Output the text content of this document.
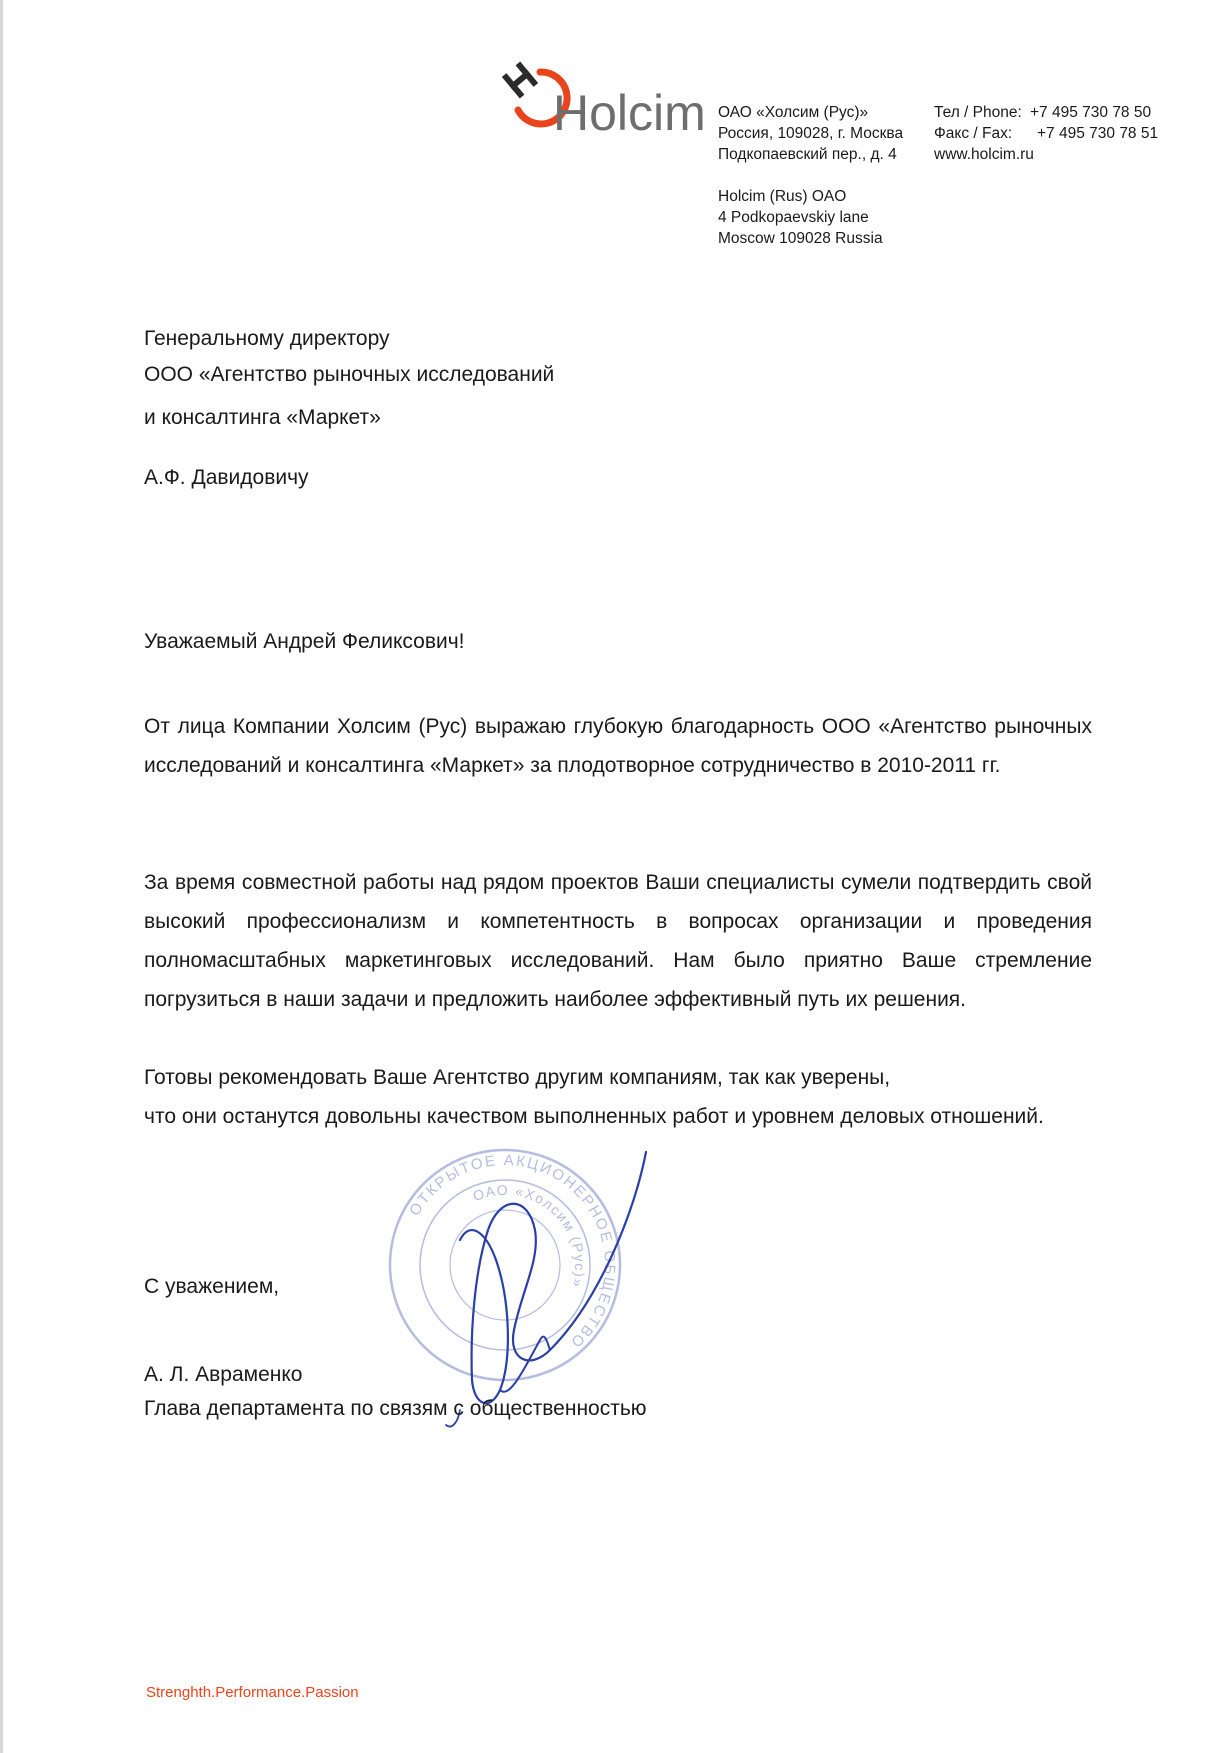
Holcim ОАО «Холсим (Рус)»
Россия, 109028, г. Москва
Подкопаевский пер., д. 4
Holcim (Rus) OAO
4 Podkopaevskiy lane
Moscow 109028 Russia
Тел / Phone: +7 495 730 78 50
Факс / Fax: +7 495 730 78 51
www.holcim.ru
Генеральному директору
ООО «Агентство рыночных исследований
и консалтинга «Маркет»
А.Ф. Давидовичу
Уважаемый Андрей Феликсович!
От лица Компании Холсим (Рус) выражаю глубокую благодарность ООО «Агентство рыночных исследований и консалтинга «Маркет» за плодотворное сотрудничество в 2010-2011 гг.
За время совместной работы над рядом проектов Ваши специалисты сумели подтвердить свой высокий профессионализм и компетентность в вопросах организации и проведения полномасштабных маркетинговых исследований. Нам было приятно Ваше стремление погрузиться в наши задачи и предложить наиболее эффективный путь их решения.
Готовы рекомендовать Ваше Агентство другим компаниям, так как уверены,
что они останутся довольны качеством выполненных работ и уровнем деловых отношений.
ОТКРЫТОЕ АКЦИОНЕРНОЕ ОБЩЕСТВО
ОАО «Холсим (Рус)»
С уважением,
А. Л. Авраменко
Глава департамента по связям с общественностью
Strenghth.Performance.Passion
